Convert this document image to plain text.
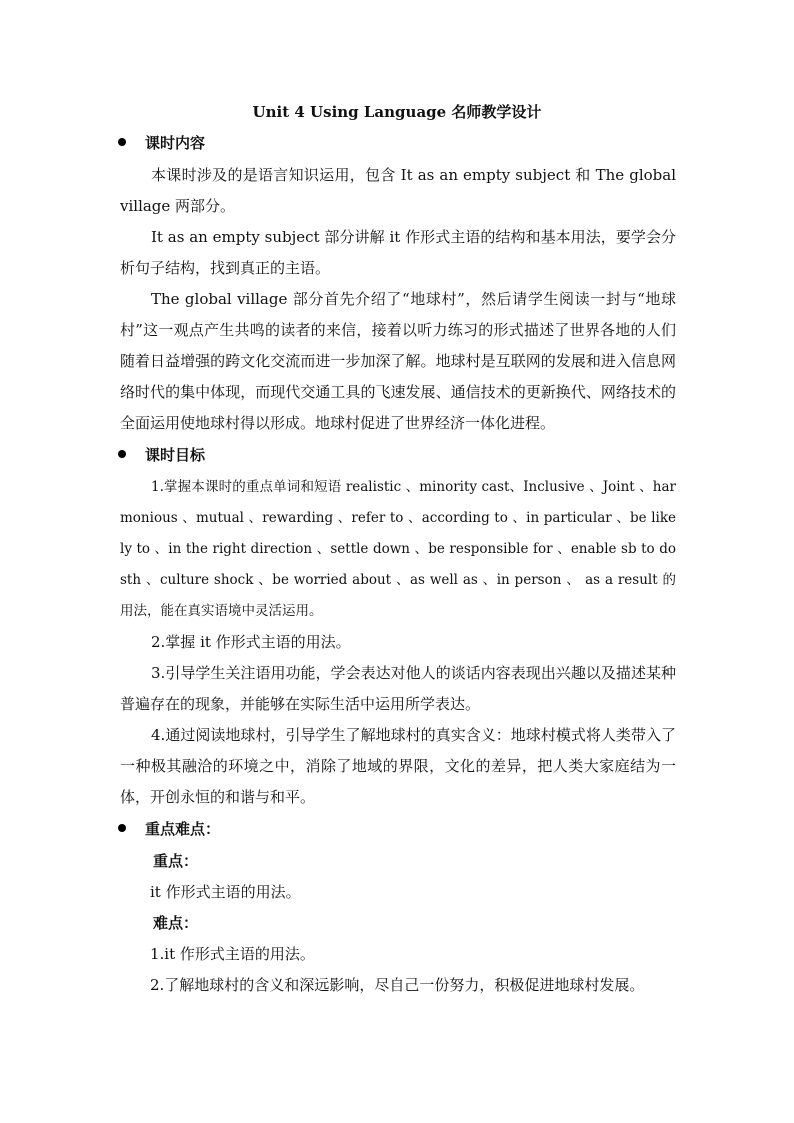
Unit 4 Using Language 名师教学设计
课时内容
本课时涉及的是语言知识运用，包含 It as an empty subject 和 The global village 两部分。
It as an empty subject 部分讲解 it 作形式主语的结构和基本用法，要学会分析句子结构，找到真正的主语。
The global village 部分首先介绍了“地球村”，然后请学生阅读一封与“地球村”这一观点产生共鸣的读者的来信，接着以听力练习的形式描述了世界各地的人们随着日益增强的跨文化交流而进一步加深了解。地球村是互联网的发展和进入信息网络时代的集中体现，而现代交通工具的飞速发展、通信技术的更新换代、网络技术的全面运用使地球村得以形成。地球村促进了世界经济一体化进程。
课时目标
1.掌握本课时的重点单词和短语 realistic 、minority cast、Inclusive 、Joint 、harmonious 、mutual 、rewarding 、refer to 、according to 、in particular 、be likely to 、in the right direction 、settle down 、be responsible for 、enable sb to do sth 、culture shock 、be worried about 、as well as 、in person 、 as a result 的用法，能在真实语境中灵活运用。
2.掌握 it 作形式主语的用法。
3.引导学生关注语用功能，学会表达对他人的谈话内容表现出兴趣以及描述某种普遍存在的现象，并能够在实际生活中运用所学表达。
4.通过阅读地球村，引导学生了解地球村的真实含义：地球村模式将人类带入了一种极其融洽的环境之中，消除了地域的界限，文化的差异，把人类大家庭结为一体，开创永恒的和谐与和平。
重点难点：
重点：
it 作形式主语的用法。
难点：
1.it 作形式主语的用法。
2.了解地球村的含义和深远影响，尽自己一份努力，积极促进地球村发展。
